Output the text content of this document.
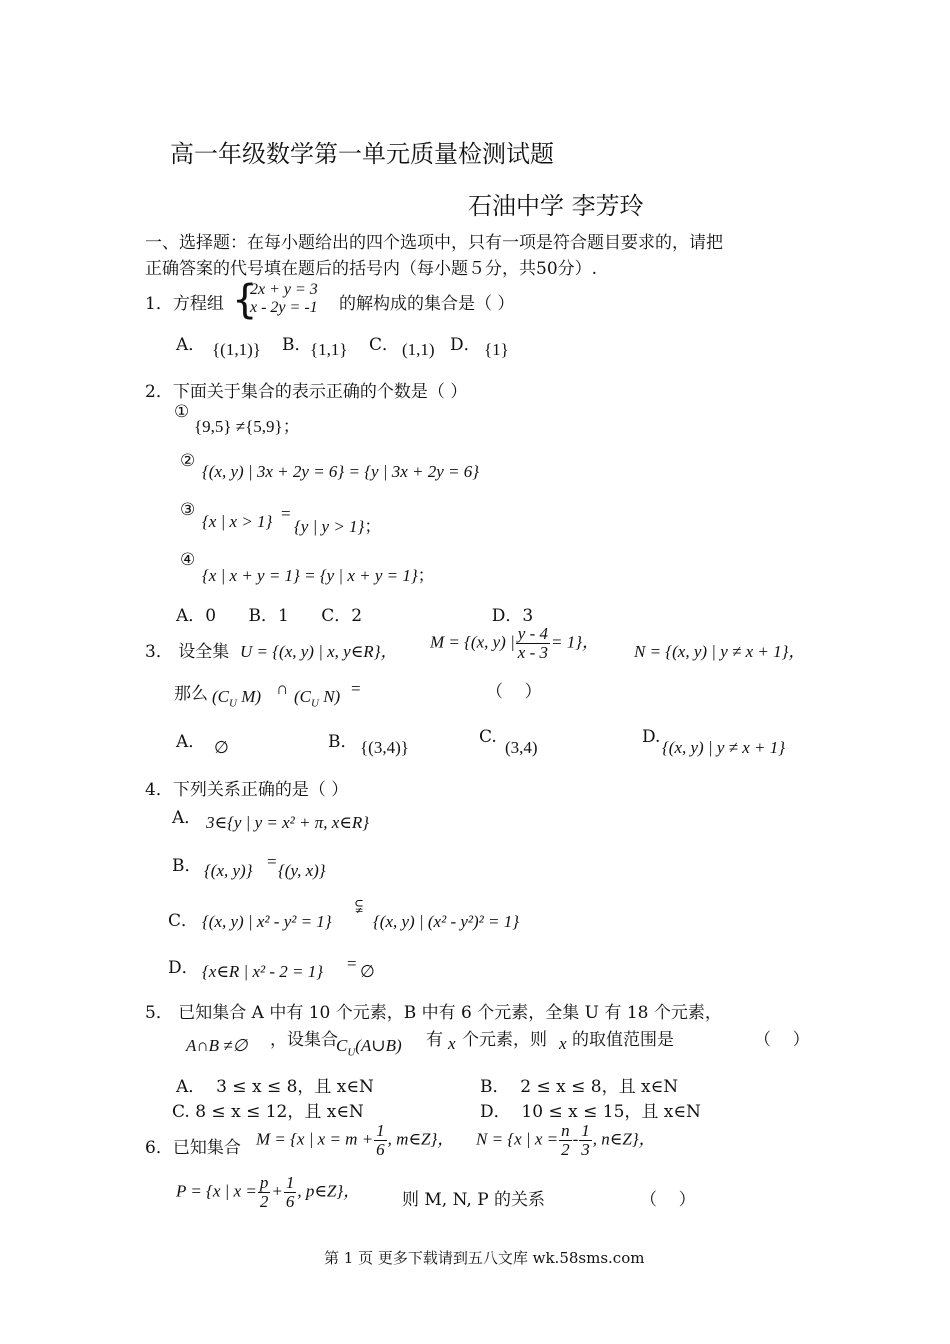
高一年级数学第一单元质量检测试题
石油中学 李芳玲
一、选择题：在每小题给出的四个选项中，只有一项是符合题目要求的，请把
正确答案的代号填在题后的括号内（每小题５分，共50分）.
1．方程组 {
2x + y = 3
x - 2y = -1 的解构成的集合是（ ）
A． {(1,1)} B．
{1,1} C． (1,1) D． {1}
2．下面关于集合的表示正确的个数是（ ）
①
{9,5} ≠{5,9}；
②
{(x, y) | 3x + 2y = 6} = {y | 3x + 2y = 6}
③
{x | x > 1} =
{y | y > 1}；
④
{x | x + y = 1} = {y | x + y = 1}；
A．0      B．1      C．2                        D．3
3． 设全集 U = {(x, y) | x, y∈R}，
M = {(x, y) | $\frac{y - 4}{x - 3} = 1$}，
N = {(x, y) | y ≠ x + 1}，
那么 ($C_U$ M) ∩ ($C_U$ N) =	（    ）
A． ∅	B． {(3,4)}
C.
(3,4)
D.
{(x, y) | y ≠ x + 1}
4．下列关系正确的是（ ）
A． 3∈{y | y = x² + π, x∈R}
B． {(x, y)} = {(y, x)}
C． {(x, y) | x² - y² = 1}
⫋
{(x, y) | (x² - y²)² = 1}
D． {x∈R | x² - 2 = 1} = ∅
5． 已知集合 A 中有 10 个元素，B 中有 6 个元素，全集 U 有 18 个元素，
A∩B ≠∅ ，设集合
$C_U(A\cup B)$ 有 x 个元素，则 x 的取值范围是	（    ）
A．  3 ≤ x ≤ 8，且 x∈N	B．  2 ≤ x ≤ 8，且 x∈N
C. 8 ≤ x ≤ 12，且 x∈N	D．  10 ≤ x ≤ 15，且 x∈N
6．已知集合 M = {x | $x = m + \frac{1}{6}$ , m∈Z}， N = {x | $x = \frac{n}{2} - \frac{1}{3}$ , n∈Z}，
P = {x | $x = \frac{p}{2} + \frac{1}{6}$ , p∈Z}， 则 M, N, P 的关系	（    ）
第 1 页 更多下载请到五八文库 wk.58sms.com
